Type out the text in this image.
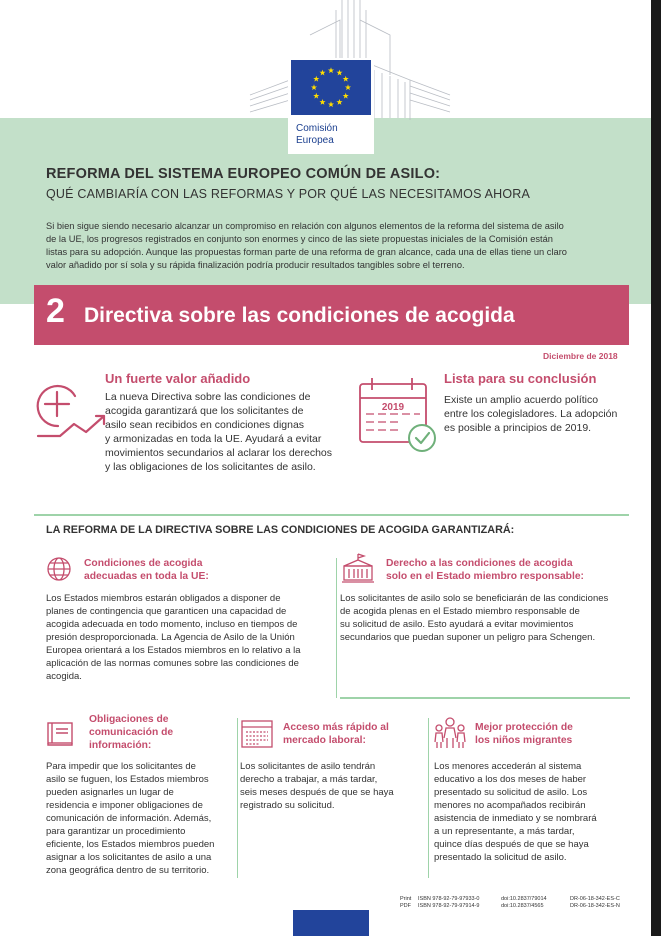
Comisión
Europea
REFORMA DEL SISTEMA EUROPEO COMÚN DE ASILO:
QUÉ CAMBIARÍA CON LAS REFORMAS Y POR QUÉ LAS NECESITAMOS AHORA
Si bien sigue siendo necesario alcanzar un compromiso en relación con algunos elementos de la reforma del sistema de asilo
de la UE, los progresos registrados en conjunto son enormes y cinco de las siete propuestas iniciales de la Comisión están
listas para su adopción. Aunque las propuestas forman parte de una reforma de gran alcance, cada una de ellas tiene un claro
valor añadido por sí sola y su rápida finalización podría producir resultados tangibles sobre el terreno.
2 Directiva sobre las condiciones de acogida
Diciembre de 2018
Un fuerte valor añadido
La nueva Directiva sobre las condiciones de
acogida garantizará que los solicitantes de
asilo sean recibidos en condiciones dignas
y armonizadas en toda la UE. Ayudará a evitar
movimientos secundarios al aclarar los derechos
y las obligaciones de los solicitantes de asilo.
2019
Lista para su conclusión
Existe un amplio acuerdo político
entre los colegisladores. La adopción
es posible a principios de 2019.
LA REFORMA DE LA DIRECTIVA SOBRE LAS CONDICIONES DE ACOGIDA GARANTIZARÁ:
Condiciones de acogida
adecuadas en toda la UE:
Los Estados miembros estarán obligados a disponer de
planes de contingencia que garanticen una capacidad de
acogida adecuada en todo momento, incluso en tiempos de
presión desproporcionada. La Agencia de Asilo de la Unión
Europea orientará a los Estados miembros en lo relativo a la
aplicación de las normas comunes sobre las condiciones de
acogida.
Derecho a las condiciones de acogida
solo en el Estado miembro responsable:
Los solicitantes de asilo solo se beneficiarán de las condiciones
de acogida plenas en el Estado miembro responsable de
su solicitud de asilo. Esto ayudará a evitar movimientos
secundarios que puedan suponer un peligro para Schengen.
Obligaciones de
comunicación de
información:
Para impedir que los solicitantes de
asilo se fuguen, los Estados miembros
pueden asignarles un lugar de
residencia e imponer obligaciones de
comunicación de información. Además,
para garantizar un procedimiento
eficiente, los Estados miembros pueden
asignar a los solicitantes de asilo a una
zona geográfica dentro de su territorio.
Acceso más rápido al
mercado laboral:
Los solicitantes de asilo tendrán
derecho a trabajar, a más tardar,
seis meses después de que se haya
registrado su solicitud.
Mejor protección de
los niños migrantes
Los menores accederán al sistema
educativo a los dos meses de haber
presentado su solicitud de asilo. Los
menores no acompañados recibirán
asistencia de inmediato y se nombrará
a un representante, a más tardar,
quince días después de que se haya
presentado la solicitud de asilo.
Print
PDF
ISBN 978-92-79-97933-0
ISBN 978-92-79-97914-9
doi:10.2837/79014
doi:10.2837/4565
DR-06-18-342-ES-C
DR-06-18-342-ES-N
